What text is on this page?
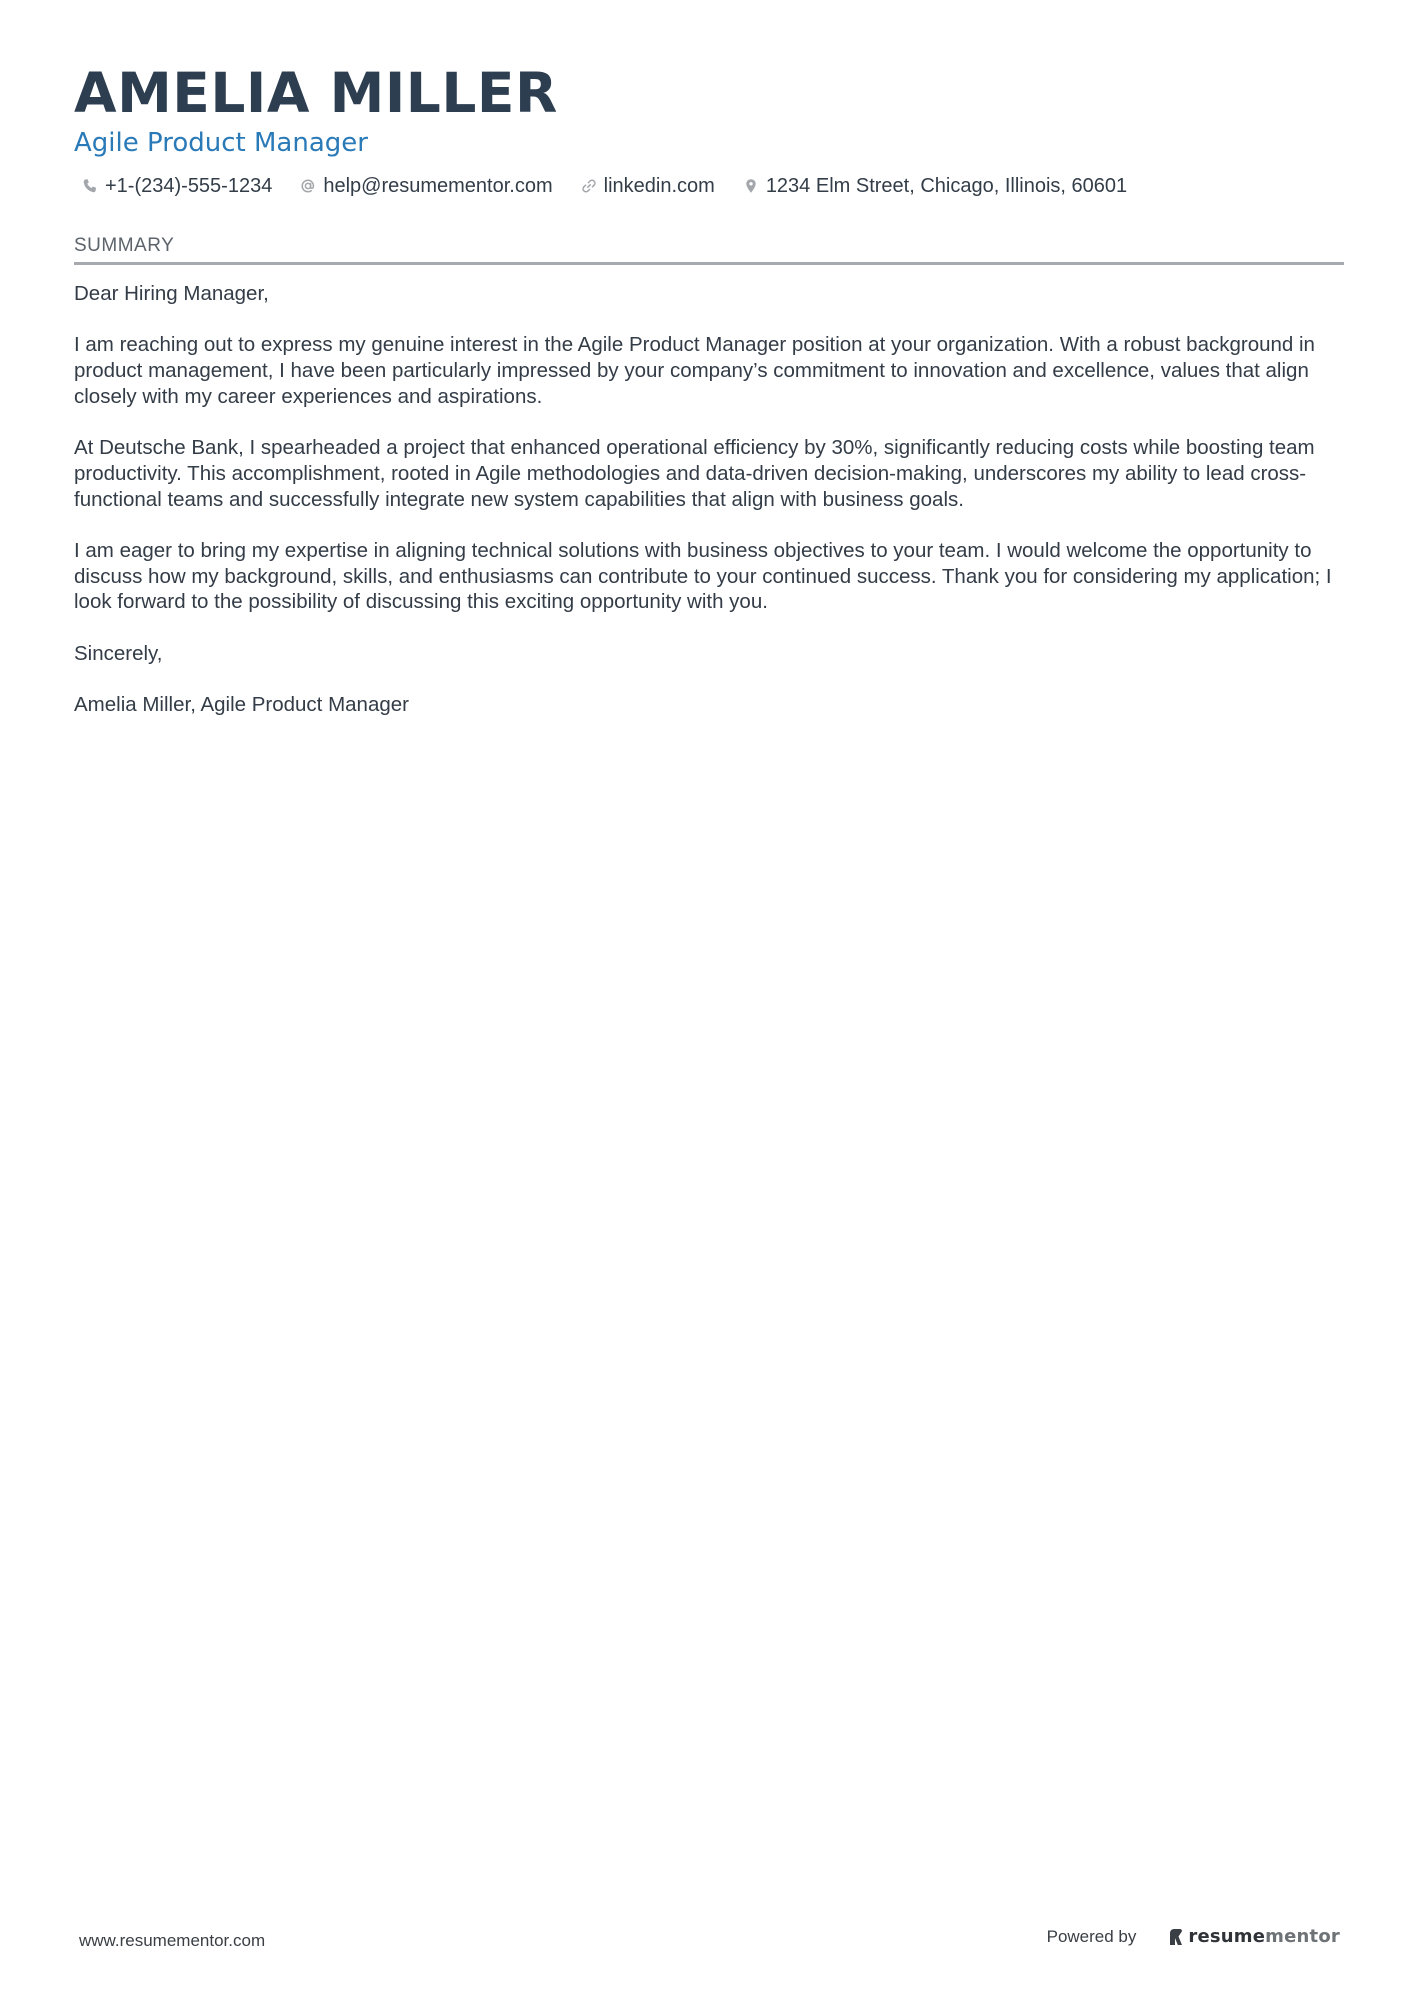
AMELIA MILLER
Agile Product Manager
+1-(234)-555-1234	help@resumementor.com	linkedin.com	1234 Elm Street, Chicago, Illinois, 60601
SUMMARY

Dear Hiring Manager,

I am reaching out to express my genuine interest in the Agile Product Manager position at your organization. With a robust background in product management, I have been particularly impressed by your company’s commitment to innovation and excellence, values that align closely with my career experiences and aspirations.

At Deutsche Bank, I spearheaded a project that enhanced operational efficiency by 30%, significantly reducing costs while boosting team productivity. This accomplishment, rooted in Agile methodologies and data-driven decision-making, underscores my ability to lead cross-functional teams and successfully integrate new system capabilities that align with business goals.

I am eager to bring my expertise in aligning technical solutions with business objectives to your team. I would welcome the opportunity to discuss how my background, skills, and enthusiasms can contribute to your continued success. Thank you for considering my application; I look forward to the possibility of discussing this exciting opportunity with you.

Sincerely,

Amelia Miller, Agile Product Manager

www.resumementor.com	Powered by	resumementor
